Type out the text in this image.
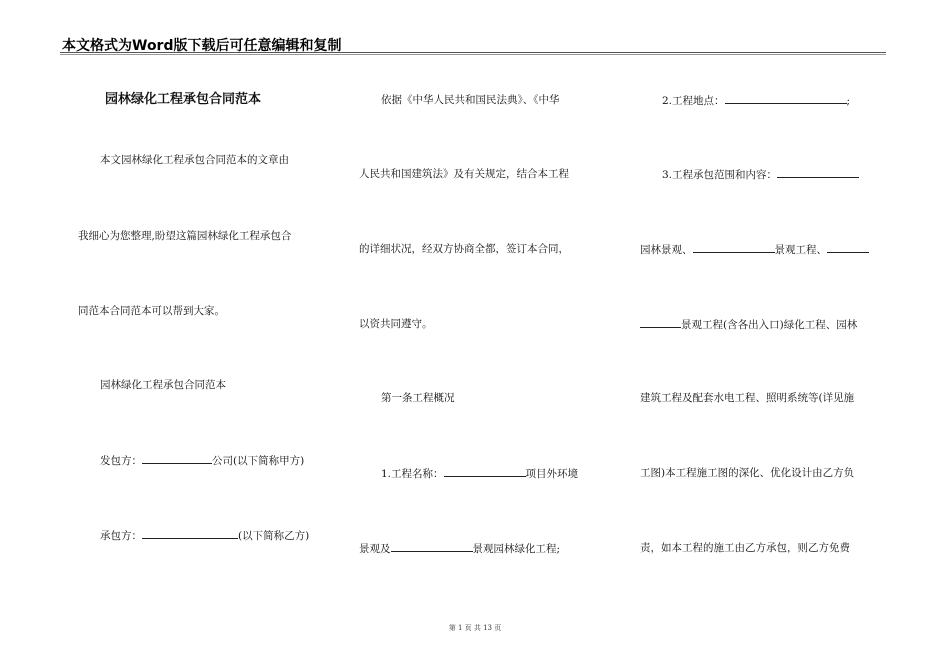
本文格式为Word版下载后可任意编辑和复制
园林绿化工程承包合同范本
本文园林绿化工程承包合同范本的文章由
我细心为您整理,盼望这篇园林绿化工程承包合
同范本合同范本可以帮到大家。
园林绿化工程承包合同范本
发包方：	公司(以下简称甲方)
承包方：	(以下简称乙方)
依据《中华人民共和国民法典》、《中华
人民共和国建筑法》及有关规定，结合本工程
的详细状况，经双方协商全都，签订本合同，
以资共同遵守。
第一条工程概况
1.工程名称：	项目外环境
景观及	景观园林绿化工程;
2.工程地点：	;
3.工程承包范围和内容：
园林景观、	景观工程、
景观工程(含各出入口)绿化工程、园林
建筑工程及配套水电工程、照明系统等(详见施
工图)本工程施工图的深化、优化设计由乙方负
责，如本工程的施工由乙方承包，则乙方免费
第 1 页 共 13 页
